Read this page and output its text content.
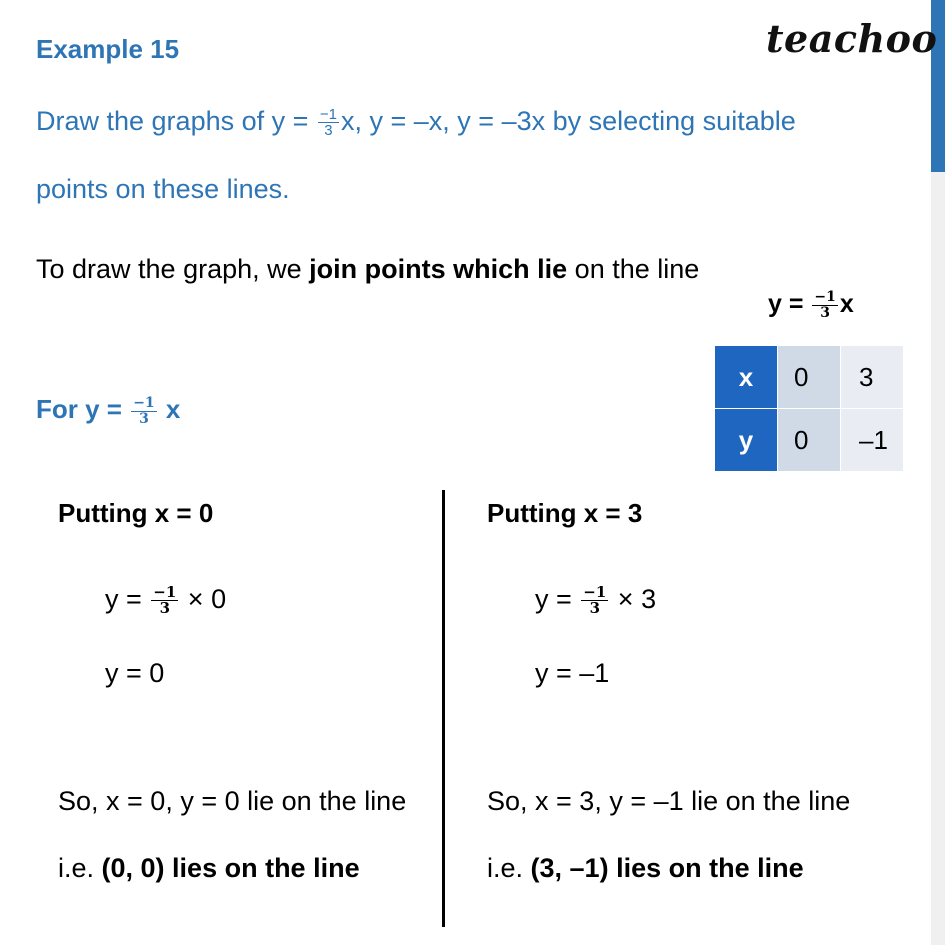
Example 15	teachoo
Draw the graphs of $y = \frac{-1}{3} x$, y = –x, y = –3x by selecting suitable
points on these lines.
To draw the graph, we join points which lie on the line
$y = \frac{-1}{3}$ x
x	0	3
y	0	–1
For $y = \frac{-1}{3}$ x
Putting x = 0
$y = \frac{-1}{3} \times 0$
y = 0
So, x = 0, y = 0 lie on the line
i.e. (0, 0) lies on the line
Putting x = 3
$y = \frac{-1}{3} \times 3$
y = –1
So, x = 3, y = –1 lie on the line
i.e. (3, –1) lies on the line
